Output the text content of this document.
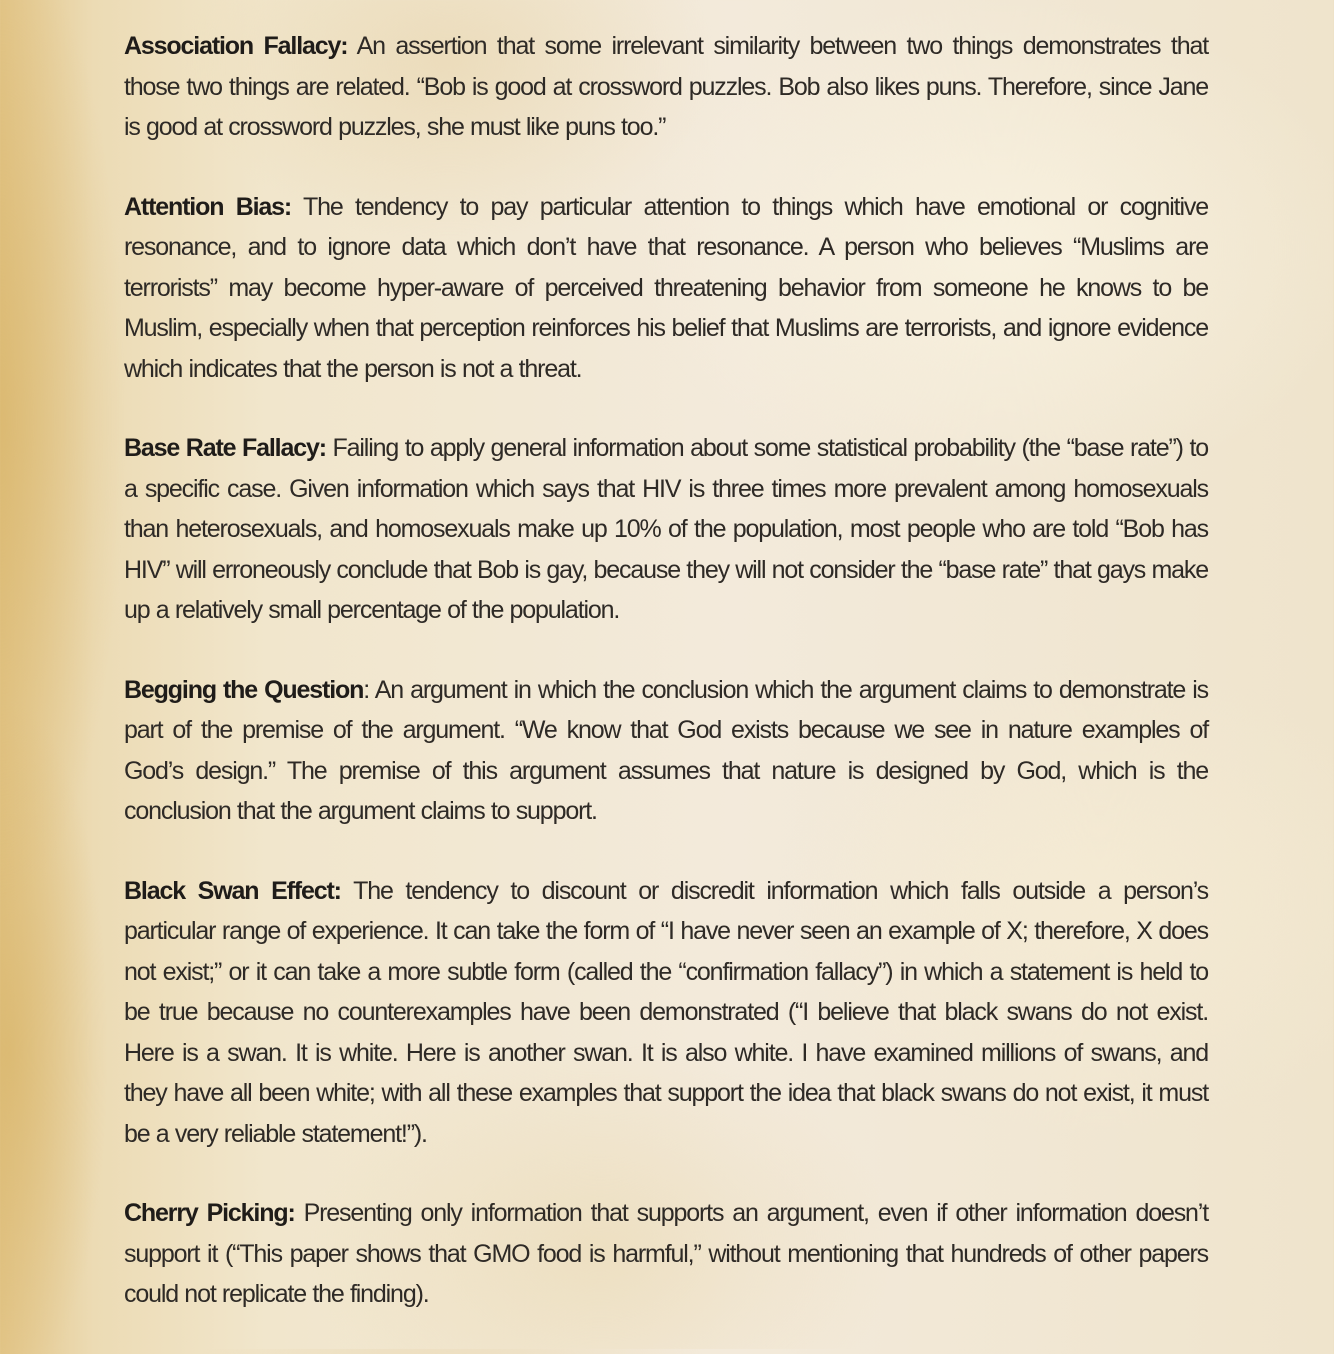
Association Fallacy: An assertion that some irrelevant similarity between two things demonstrates that those two things are related. “Bob is good at crossword puzzles. Bob also likes puns. Therefore, since Jane is good at crossword puzzles, she must like puns too.”

Attention Bias: The tendency to pay particular attention to things which have emotional or cognitive resonance, and to ignore data which don’t have that resonance. A person who believes “Muslims are terrorists” may become hyper-aware of perceived threatening behavior from someone he knows to be Muslim, especially when that perception reinforces his belief that Muslims are terrorists, and ignore evidence which indicates that the person is not a threat.

Base Rate Fallacy: Failing to apply general information about some statistical probability (the “base rate”) to a specific case. Given information which says that HIV is three times more prevalent among homosexuals than heterosexuals, and homosexuals make up 10% of the population, most people who are told “Bob has HIV” will erroneously conclude that Bob is gay, because they will not consider the “base rate” that gays make up a relatively small percentage of the population.

Begging the Question: An argument in which the conclusion which the argument claims to demonstrate is part of the premise of the argument. “We know that God exists because we see in nature examples of God’s design.” The premise of this argument assumes that nature is designed by God, which is the conclusion that the argument claims to support.

Black Swan Effect: The tendency to discount or discredit information which falls outside a person’s particular range of experience. It can take the form of “I have never seen an example of X; therefore, X does not exist;” or it can take a more subtle form (called the “confirmation fallacy”) in which a statement is held to be true because no counterexamples have been demonstrated (“I believe that black swans do not exist. Here is a swan. It is white. Here is another swan. It is also white. I have examined millions of swans, and they have all been white; with all these examples that support the idea that black swans do not exist, it must be a very reliable statement!”).

Cherry Picking: Presenting only information that supports an argument, even if other information doesn’t support it (“This paper shows that GMO food is harmful,” without mentioning that hundreds of other papers could not replicate the finding).
